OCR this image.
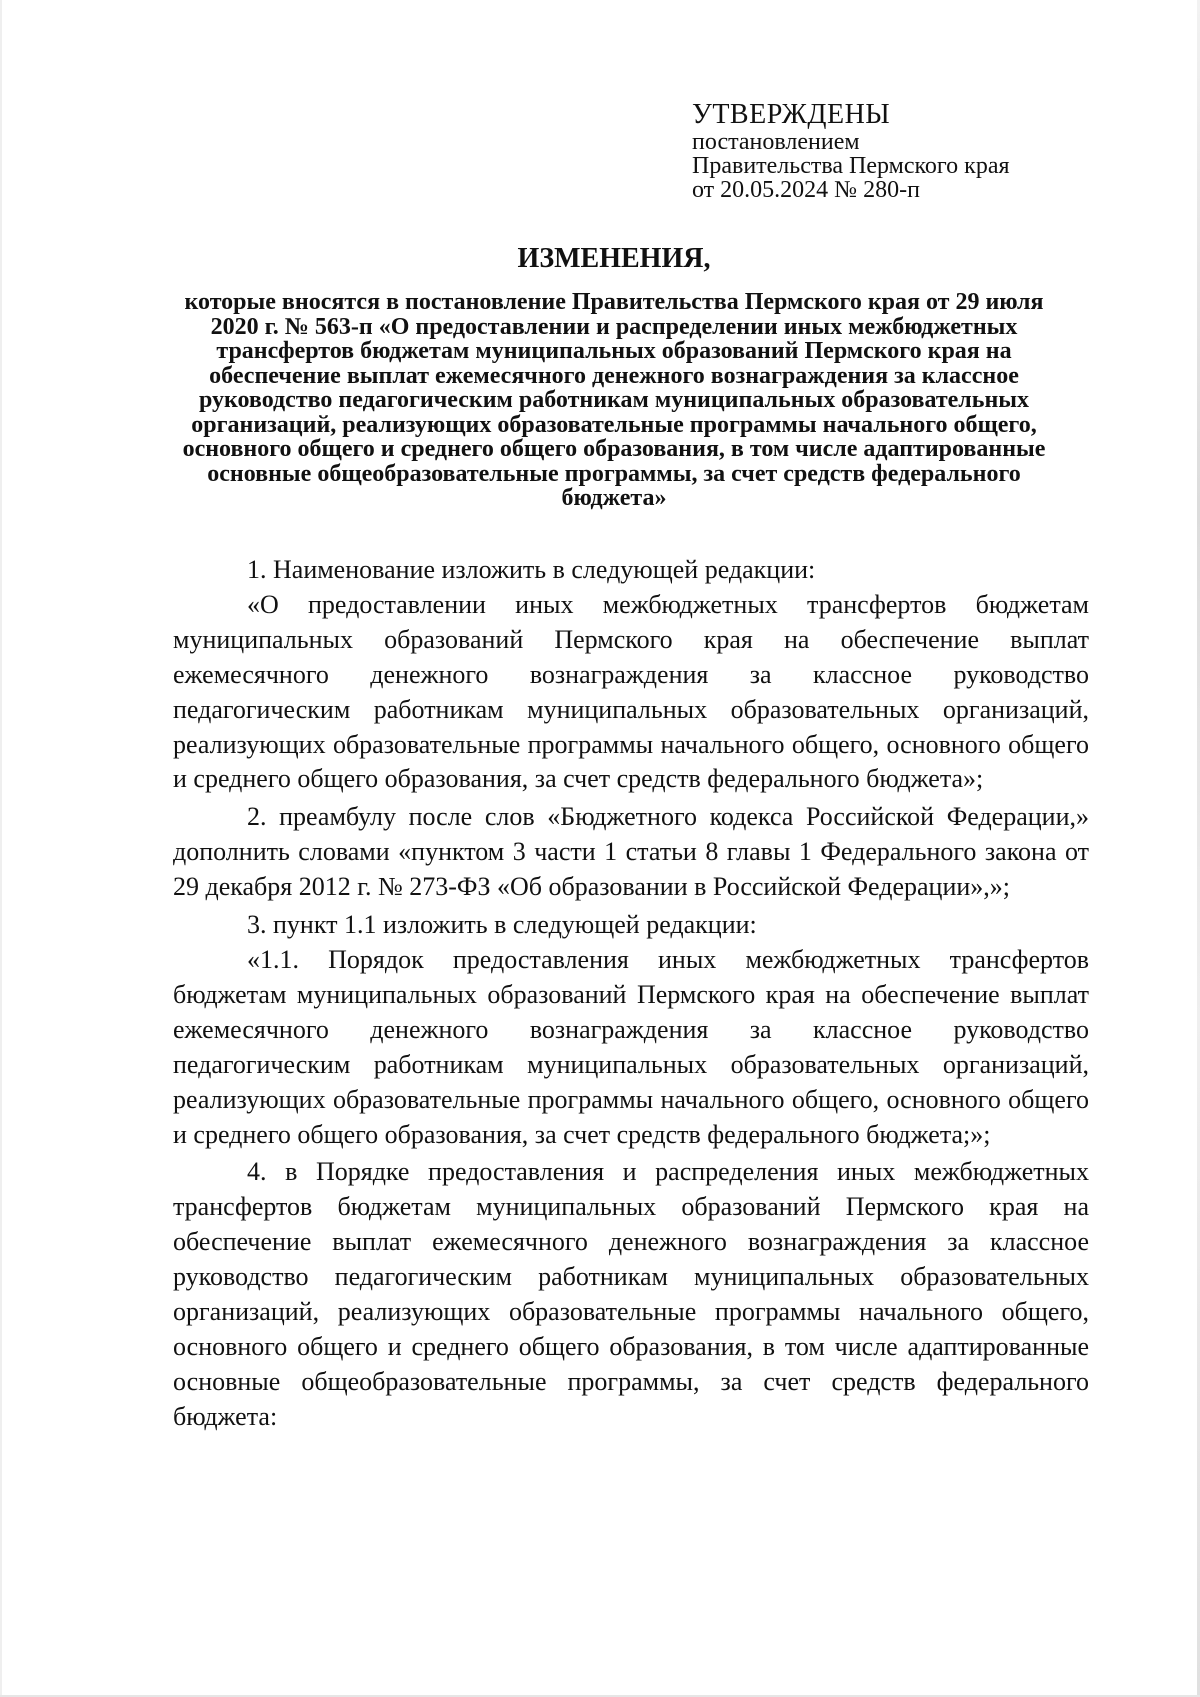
УТВЕРЖДЕНЫ
постановлением
Правительства Пермского края
от 20.05.2024 № 280-п
ИЗМЕНЕНИЯ,
которые вносятся в постановление Правительства Пермского края от 29 июля 2020 г. № 563-п «О предоставлении и распределении иных межбюджетных трансфертов бюджетам муниципальных образований Пермского края на обеспечение выплат ежемесячного денежного вознаграждения за классное руководство педагогическим работникам муниципальных образовательных организаций, реализующих образовательные программы начального общего, основного общего и среднего общего образования, в том числе адаптированные основные общеобразовательные программы, за счет средств федерального бюджета»

1. Наименование изложить в следующей редакции:

«О предоставлении иных межбюджетных трансфертов бюджетам муниципальных образований Пермского края на обеспечение выплат ежемесячного денежного вознаграждения за классное руководство педагогическим работникам муниципальных образовательных организаций, реализующих образовательные программы начального общего, основного общего и среднего общего образования, за счет средств федерального бюджета»;

2. преамбулу после слов «Бюджетного кодекса Российской Федерации,» дополнить словами «пунктом 3 части 1 статьи 8 главы 1 Федерального закона от 29 декабря 2012 г. № 273-ФЗ «Об образовании в Российской Федерации»,»;

3. пункт 1.1 изложить в следующей редакции:

«1.1. Порядок предоставления иных межбюджетных трансфертов бюджетам муниципальных образований Пермского края на обеспечение выплат ежемесячного денежного вознаграждения за классное руководство педагогическим работникам муниципальных образовательных организаций, реализующих образовательные программы начального общего, основного общего и среднего общего образования, за счет средств федерального бюджета;»;

4. в Порядке предоставления и распределения иных межбюджетных трансфертов бюджетам муниципальных образований Пермского края на обеспечение выплат ежемесячного денежного вознаграждения за классное руководство педагогическим работникам муниципальных образовательных организаций, реализующих образовательные программы начального общего, основного общего и среднего общего образования, в том числе адаптированные основные общеобразовательные программы, за счет средств федерального бюджета:
